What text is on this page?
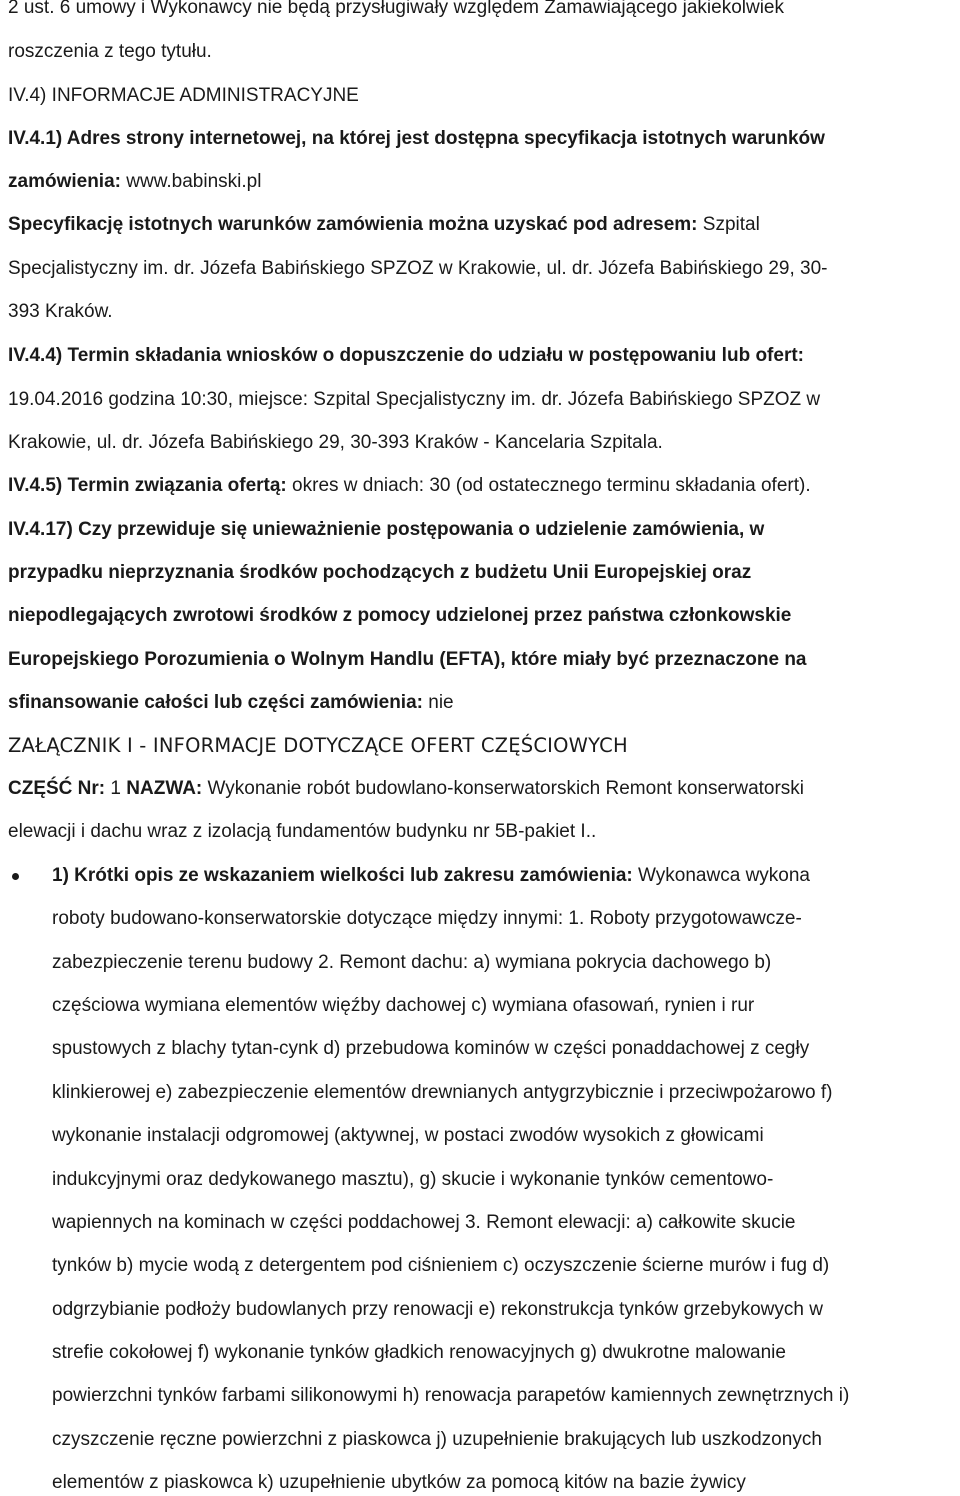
2 ust. 6 umowy i Wykonawcy nie będą przysługiwały względem Zamawiającego jakiekolwiek
roszczenia z tego tytułu.
IV.4) INFORMACJE ADMINISTRACYJNE
IV.4.1) Adres strony internetowej, na której jest dostępna specyfikacja istotnych warunków
zamówienia: www.babinski.pl
Specyfikację istotnych warunków zamówienia można uzyskać pod adresem: Szpital
Specjalistyczny im. dr. Józefa Babińskiego SPZOZ w Krakowie, ul. dr. Józefa Babińskiego 29, 30-
393 Kraków.
IV.4.4) Termin składania wniosków o dopuszczenie do udziału w postępowaniu lub ofert:
19.04.2016 godzina 10:30, miejsce: Szpital Specjalistyczny im. dr. Józefa Babińskiego SPZOZ w
Krakowie, ul. dr. Józefa Babińskiego 29, 30-393 Kraków - Kancelaria Szpitala.
IV.4.5) Termin związania ofertą: okres w dniach: 30 (od ostatecznego terminu składania ofert).
IV.4.17) Czy przewiduje się unieważnienie postępowania o udzielenie zamówienia, w
przypadku nieprzyznania środków pochodzących z budżetu Unii Europejskiej oraz
niepodlegających zwrotowi środków z pomocy udzielonej przez państwa członkowskie
Europejskiego Porozumienia o Wolnym Handlu (EFTA), które miały być przeznaczone na
sfinansowanie całości lub części zamówienia: nie
ZAŁĄCZNIK I - INFORMACJE DOTYCZĄCE OFERT CZĘŚCIOWYCH
CZĘŚĆ Nr: 1 NAZWA: Wykonanie robót budowlano-konserwatorskich Remont konserwatorski
elewacji i dachu wraz z izolacją fundamentów budynku nr 5B-pakiet I..
1) Krótki opis ze wskazaniem wielkości lub zakresu zamówienia: Wykonawca wykona
roboty budowano-konserwatorskie dotyczące między innymi: 1. Roboty przygotowawcze-
zabezpieczenie terenu budowy 2. Remont dachu: a) wymiana pokrycia dachowego b)
częściowa wymiana elementów więźby dachowej c) wymiana ofasowań, rynien i rur
spustowych z blachy tytan-cynk d) przebudowa kominów w części ponaddachowej z cegły
klinkierowej e) zabezpieczenie elementów drewnianych antygrzybicznie i przeciwpożarowo f)
wykonanie instalacji odgromowej (aktywnej, w postaci zwodów wysokich z głowicami
indukcyjnymi oraz dedykowanego masztu), g) skucie i wykonanie tynków cementowo-
wapiennych na kominach w części poddachowej 3. Remont elewacji: a) całkowite skucie
tynków b) mycie wodą z detergentem pod ciśnieniem c) oczyszczenie ścierne murów i fug d)
odgrzybianie podłoży budowlanych przy renowacji e) rekonstrukcja tynków grzebykowych w
strefie cokołowej f) wykonanie tynków gładkich renowacyjnych g) dwukrotne malowanie
powierzchni tynków farbami silikonowymi h) renowacja parapetów kamiennych zewnętrznych i)
czyszczenie ręczne powierzchni z piaskowca j) uzupełnienie brakujących lub uszkodzonych
elementów z piaskowca k) uzupełnienie ubytków za pomocą kitów na bazie żywicy
